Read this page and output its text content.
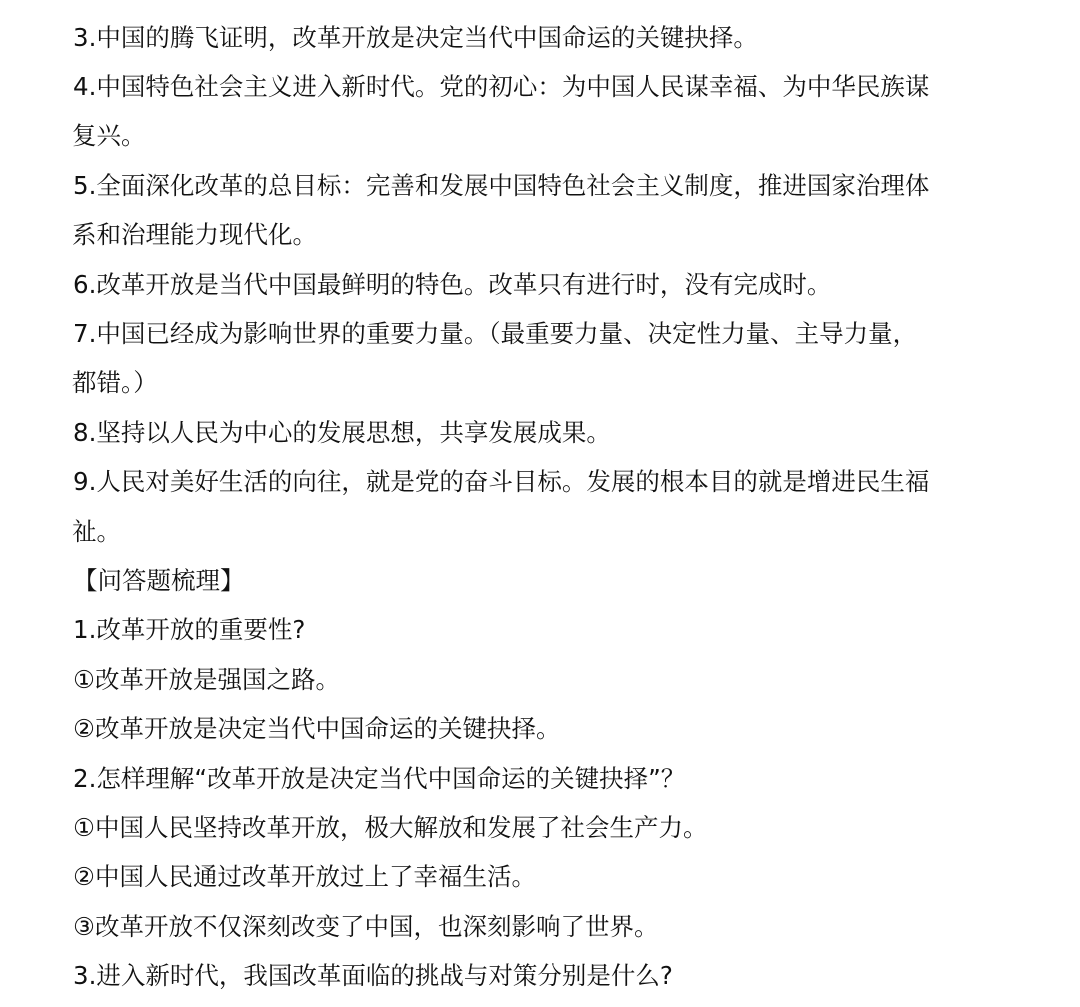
3.中国的腾飞证明，改革开放是决定当代中国命运的关键抉择。
4.中国特色社会主义进入新时代。党的初心：为中国人民谋幸福、为中华民族谋
复兴。
5.全面深化改革的总目标：完善和发展中国特色社会主义制度，推进国家治理体
系和治理能力现代化。
6.改革开放是当代中国最鲜明的特色。改革只有进行时，没有完成时。
7.中国已经成为影响世界的重要力量。（最重要力量、决定性力量、主导力量，
都错。）
8.坚持以人民为中心的发展思想，共享发展成果。
9.人民对美好生活的向往，就是党的奋斗目标。发展的根本目的就是增进民生福
祉。
【问答题梳理】
1.改革开放的重要性?
①改革开放是强国之路。
②改革开放是决定当代中国命运的关键抉择。
2.怎样理解“改革开放是决定当代中国命运的关键抉择”？
①中国人民坚持改革开放，极大解放和发展了社会生产力。
②中国人民通过改革开放过上了幸福生活。
③改革开放不仅深刻改变了中国，也深刻影响了世界。
3.进入新时代，我国改革面临的挑战与对策分别是什么?
